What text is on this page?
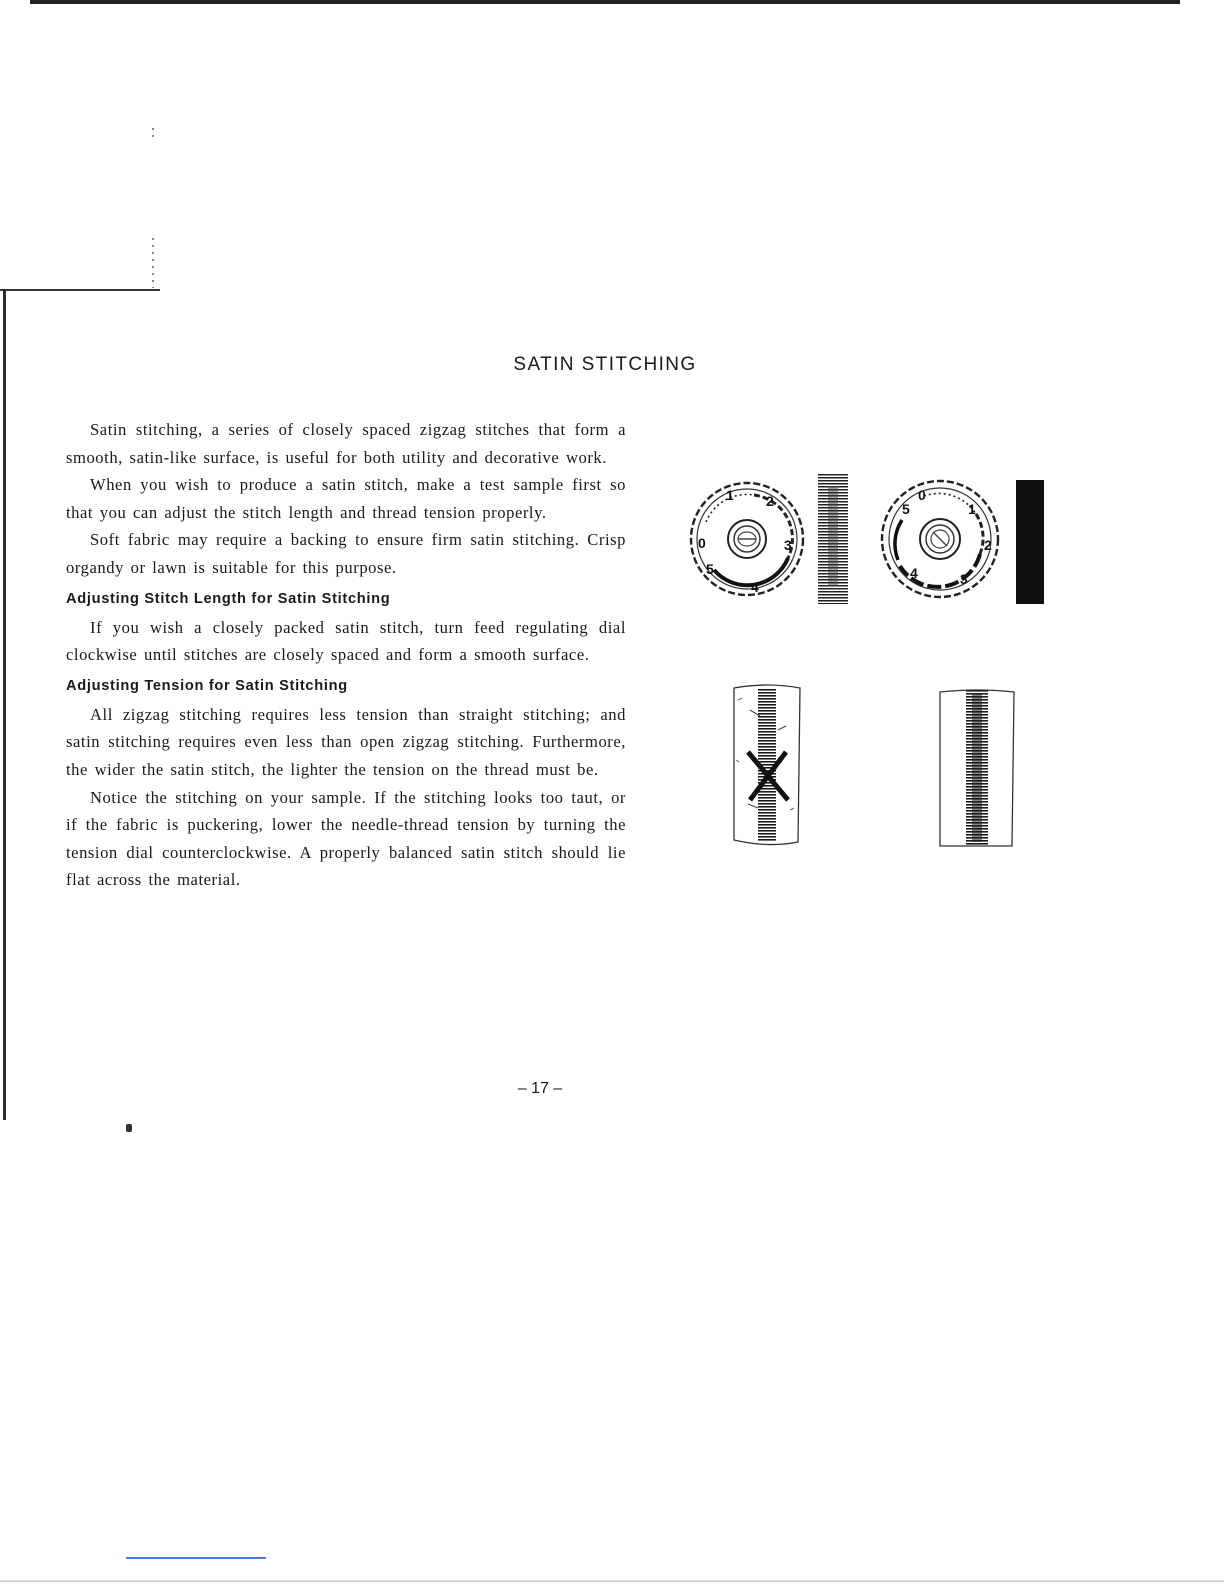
SATIN STITCHING

Satin stitching, a series of closely spaced zigzag stitches that form a smooth, satin-like surface, is useful for both utility and decorative work.

When you wish to produce a satin stitch, make a test sample first so that you can adjust the stitch length and thread tension properly.

Soft fabric may require a backing to ensure firm satin stitching. Crisp organdy or lawn is suitable for this purpose.

Adjusting Stitch Length for Satin Stitching

If you wish a closely packed satin stitch, turn feed regulating dial clockwise until stitches are closely spaced and form a smooth surface.

Adjusting Tension for Satin Stitching

All zigzag stitching requires less tension than straight stitching; and satin stitching requires even less than open zigzag stitching. Furthermore, the wider the satin stitch, the lighter the tension on the thread must be.

Notice the stitching on your sample. If the stitching looks too taut, or if the fabric is puckering, lower the needle-thread tension by turning the tension dial counterclockwise. A properly balanced satin stitch should lie flat across the material.

0
1 2
3
4
5
0
1
2
3
4
5
– 17 –
